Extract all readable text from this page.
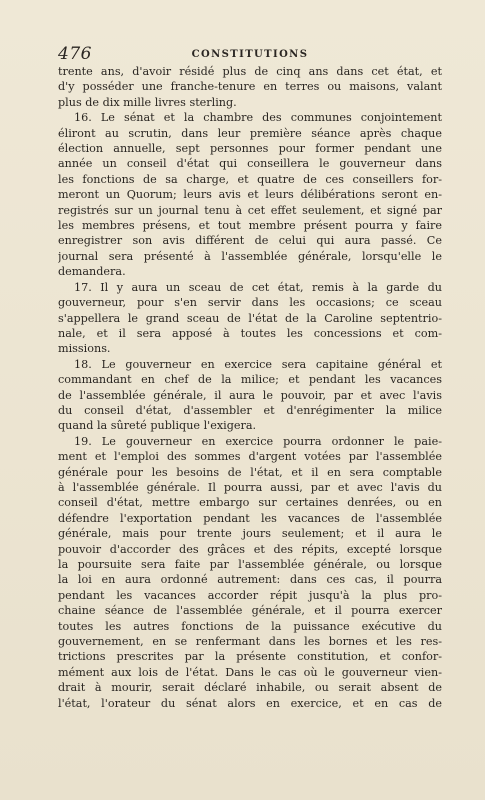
476	CONSTITUTIONS
trente ans, d'avoir résidé plus de cinq ans dans cet état, et
d'y posséder une franche-tenure en terres ou maisons, valant
plus de dix mille livres sterling.
16. Le sénat et la chambre des communes conjointement
éliront au scrutin, dans leur première séance après chaque
élection annuelle, sept personnes pour former pendant une
année un conseil d'état qui conseillera le gouverneur dans
les fonctions de sa charge, et quatre de ces conseillers for-
meront un Quorum; leurs avis et leurs délibérations seront en-
registrés sur un journal tenu à cet effet seulement, et signé par
les membres présens, et tout membre présent pourra y faire
enregistrer son avis différent de celui qui aura passé. Ce
journal sera présenté à l'assemblée générale, lorsqu'elle le
demandera.
17. Il y aura un sceau de cet état, remis à la garde du
gouverneur, pour s'en servir dans les occasions; ce sceau
s'appellera le grand sceau de l'état de la Caroline septentrio-
nale, et il sera apposé à toutes les concessions et com-
missions.
18. Le gouverneur en exercice sera capitaine général et
commandant en chef de la milice; et pendant les vacances
de l'assemblée générale, il aura le pouvoir, par et avec l'avis
du conseil d'état, d'assembler et d'enrégimenter la milice
quand la sûreté publique l'exigera.
19. Le gouverneur en exercice pourra ordonner le paie-
ment et l'emploi des sommes d'argent votées par l'assemblée
générale pour les besoins de l'état, et il en sera comptable
à l'assemblée générale. Il pourra aussi, par et avec l'avis du
conseil d'état, mettre embargo sur certaines denrées, ou en
défendre l'exportation pendant les vacances de l'assemblée
générale, mais pour trente jours seulement; et il aura le
pouvoir d'accorder des grâces et des répits, excepté lorsque
la poursuite sera faite par l'assemblée générale, ou lorsque
la loi en aura ordonné autrement: dans ces cas, il pourra
pendant les vacances accorder répit jusqu'à la plus pro-
chaine séance de l'assemblée générale, et il pourra exercer
toutes les autres fonctions de la puissance exécutive du
gouvernement, en se renfermant dans les bornes et les res-
trictions prescrites par la présente constitution, et confor-
mément aux lois de l'état. Dans le cas où le gouverneur vien-
drait à mourir, serait déclaré inhabile, ou serait absent de
l'état, l'orateur du sénat alors en exercice, et en cas de
